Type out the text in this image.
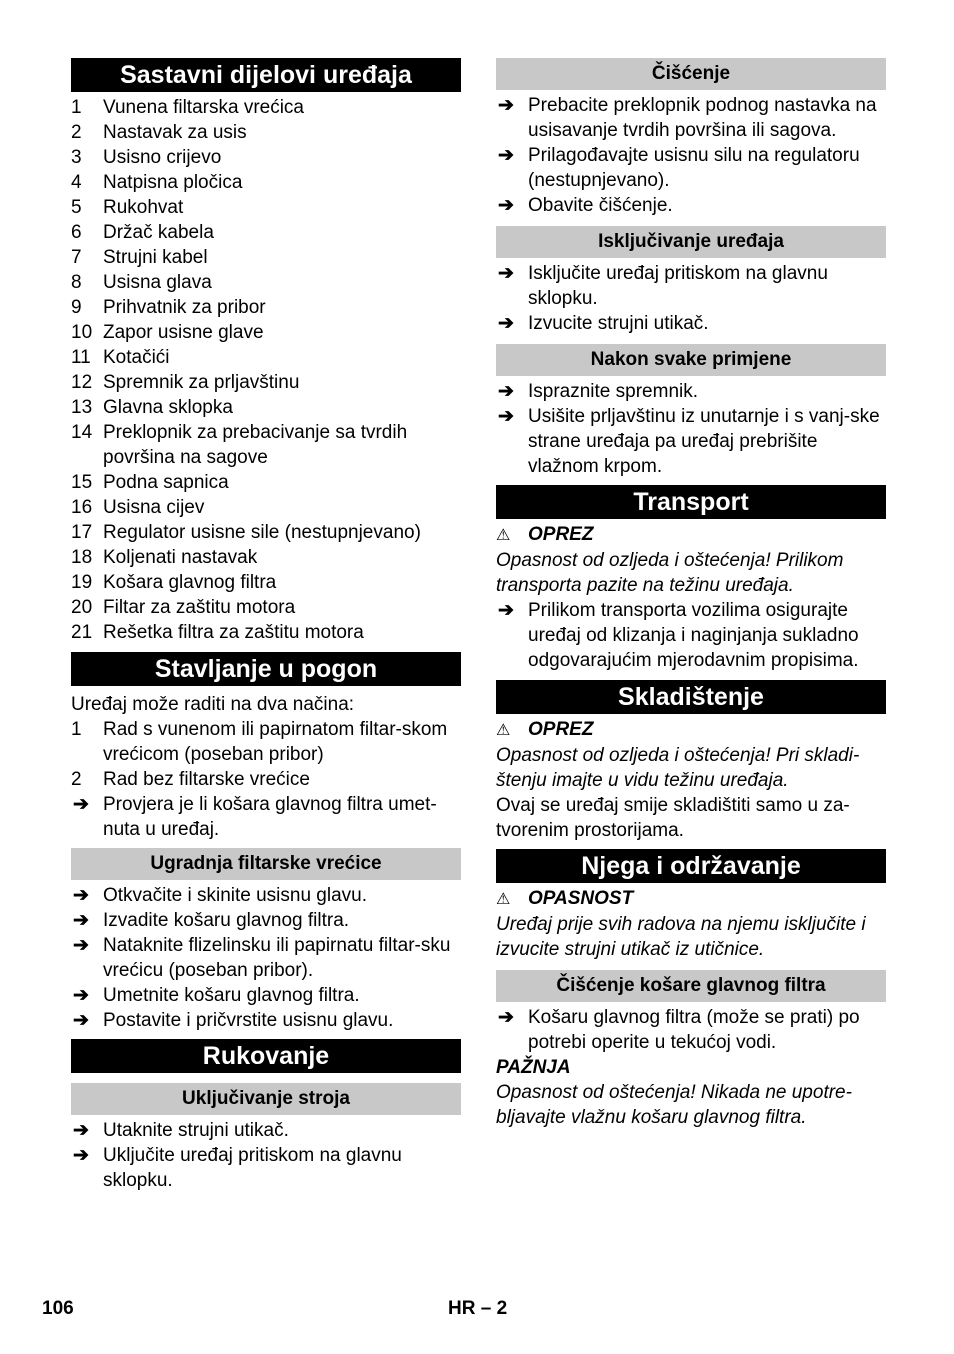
Sastavni dijelovi uređaja
1 Vunena filtarska vrećica
2 Nastavak za usis
3 Usisno crijevo
4 Natpisna pločica
5 Rukohvat
6 Držač kabela
7 Strujni kabel
8 Usisna glava
9 Prihvatnik za pribor
10 Zapor usisne glave
11 Kotačići
12 Spremnik za prljavštinu
13 Glavna sklopka
14 Preklopnik za prebacivanje sa tvrdih površina na sagove
15 Podna sapnica
16 Usisna cijev
17 Regulator usisne sile (nestupnjevano)
18 Koljenati nastavak
19 Košara glavnog filtra
20 Filtar za zaštitu motora
21 Rešetka filtra za zaštitu motora
Stavljanje u pogon
Uređaj može raditi na dva načina:
1 Rad s vunenom ili papirnatom filtar-skom vrećicom (poseban pribor)
2 Rad bez filtarske vrećice
➔ Provjera je li košara glavnog filtra umet-nuta u uređaj.
Ugradnja filtarske vrećice
➔ Otkvačite i skinite usisnu glavu.
➔ Izvadite košaru glavnog filtra.
➔ Nataknite flizelinsku ili papirnatu filtar-sku vrećicu (poseban pribor).
➔ Umetnite košaru glavnog filtra.
➔ Postavite i pričvrstite usisnu glavu.
Rukovanje
Uključivanje stroja
➔ Utaknite strujni utikač.
➔ Uključite uređaj pritiskom na glavnu sklopku.
Čišćenje
➔ Prebacite preklopnik podnog nastavka na usisavanje tvrdih površina ili sagova.
➔ Prilagođavajte usisnu silu na regulatoru (nestupnjevano).
➔ Obavite čišćenje.
Isključivanje uređaja
➔ Isključite uređaj pritiskom na glavnu sklopku.
➔ Izvucite strujni utikač.
Nakon svake primjene
➔ Ispraznite spremnik.
➔ Usišite prljavštinu iz unutarnje i s vanj-ske strane uređaja pa uređaj prebrišite vlažnom krpom.
Transport
⚠ OPREZ
Opasnost od ozljeda i oštećenja! Prilikom transporta pazite na težinu uređaja.
➔ Prilikom transporta vozilima osigurajte uređaj od klizanja i naginjanja sukladno odgovarajućim mjerodavnim propisima.
Skladištenje
⚠ OPREZ
Opasnost od ozljeda i oštećenja! Pri skladi-štenju imajte u vidu težinu uređaja.
Ovaj se uređaj smije skladištiti samo u za-tvorenim prostorijama.
Njega i održavanje
⚠ OPASNOST
Uređaj prije svih radova na njemu isključite i izvucite strujni utikač iz utičnice.
Čišćenje košare glavnog filtra
➔ Košaru glavnog filtra (može se prati) po potrebi operite u tekućoj vodi.
PAŽNJA
Opasnost od oštećenja! Nikada ne upotre-bljavajte vlažnu košaru glavnog filtra.
106	HR – 2
